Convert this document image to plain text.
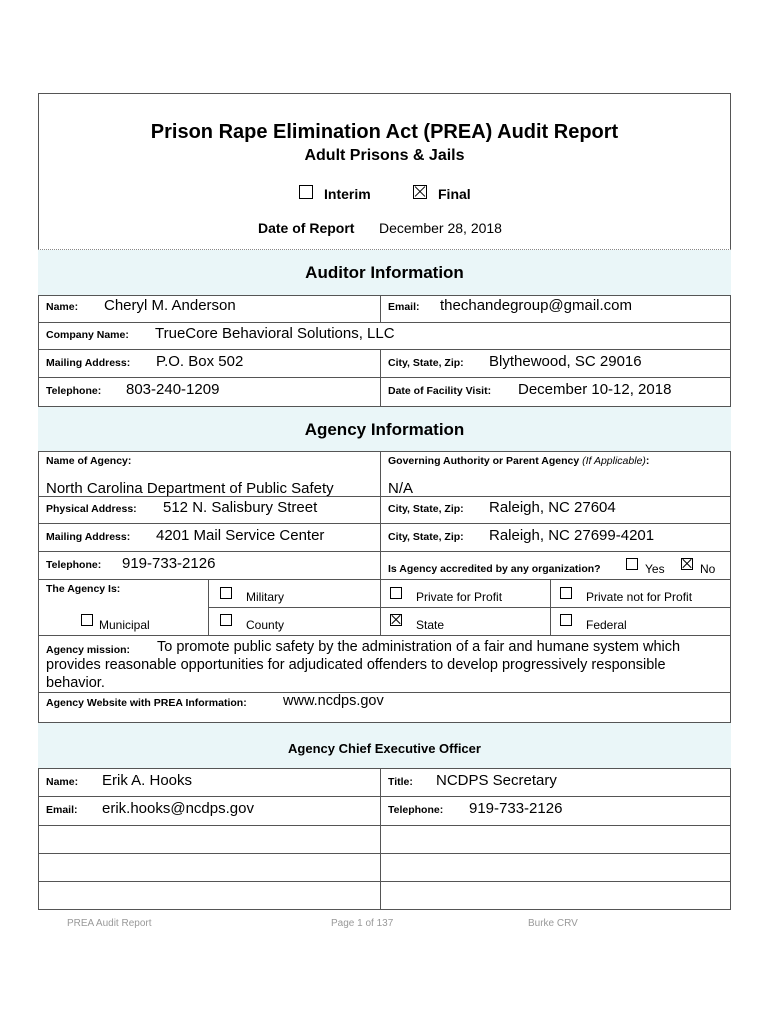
Prison Rape Elimination Act (PREA) Audit Report
Adult Prisons & Jails
Interim	Final
Date of Report December 28, 2018
Auditor Information
Name: Cheryl M. Anderson	Email: thechandegroup@gmail.com
Company Name: TrueCore Behavioral Solutions, LLC
Mailing Address: P.O. Box 502	City, State, Zip: Blythewood, SC 29016
Telephone: 803-240-1209	Date of Facility Visit: December 10-12, 2018
Agency Information
Name of Agency:	Governing Authority or Parent Agency (If Applicable):
North Carolina Department of Public Safety	N/A
Physical Address: 512 N. Salisbury Street	City, State, Zip: Raleigh, NC 27604
Mailing Address: 4201 Mail Service Center	City, State, Zip: Raleigh, NC 27699-4201
Telephone: 919-733-2126	Is Agency accredited by any organization?	Yes	No
The Agency Is:
Military	Private for Profit	Private not for Profit
Municipal	County	State	Federal
Agency mission: To promote public safety by the administration of a fair and humane system which
provides reasonable opportunities for adjudicated offenders to develop progressively responsible
behavior.
Agency Website with PREA Information:	www.ncdps.gov
Agency Chief Executive Officer
Name: Erik A. Hooks	Title: NCDPS Secretary
Email: erik.hooks@ncdps.gov	Telephone: 919-733-2126
PREA Audit Report	Page 1 of 137	Burke CRV
